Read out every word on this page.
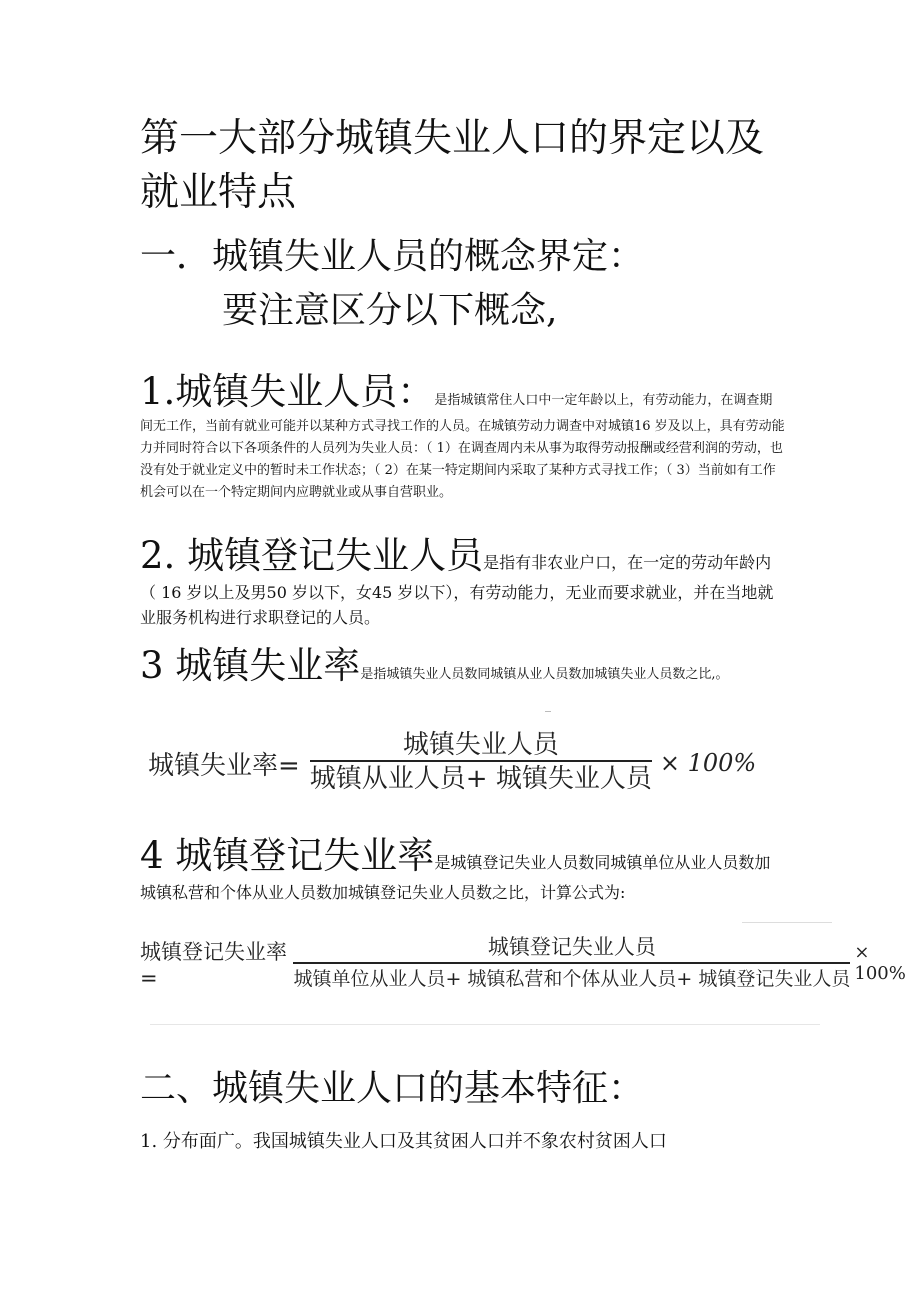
第一大部分城镇失业人口的界定以及就业特点
一．城镇失业人员的概念界定：
要注意区分以下概念,

1.城镇失业人员：是指城镇常住人口中一定年龄以上，有劳动能力，在调查期间无工作，当前有就业可能并以某种方式寻找工作的人员。在城镇劳动力调查中对城镇16 岁及以上，具有劳动能力并同时符合以下各项条件的人员列为失业人员：（ 1）在调查周内未从事为取得劳动报酬或经营利润的劳动，也没有处于就业定义中的暂时未工作状态；（ 2）在某一特定期间内采取了某种方式寻找工作；（ 3）当前如有工作机会可以在一个特定期间内应聘就业或从事自营职业。

2. 城镇登记失业人员是指有非农业户口，在一定的劳动年龄内（ 16 岁以上及男50 岁以下，女45 岁以下），有劳动能力，无业而要求就业，并在当地就业服务机构进行求职登记的人员。

3 城镇失业率是指城镇失业人员数同城镇从业人员数加城镇失业人员数之比,。

城镇失业率= $\frac{\text{城镇失业人员}}{\text{城镇从业人员+ 城镇失业人员}} \times 100\%$

4 城镇登记失业率是城镇登记失业人员数同城镇单位从业人员数加城镇私营和个体从业人员数加城镇登记失业人员数之比，计算公式为:

城镇登记失业率=	$\frac{\text{城镇登记失业人员}}{\text{城镇单位从业人员+ 城镇私营和个体从业人员+ 城镇登记失业人员}} \times 100\%$
二、城镇失业人口的基本特征：

1. 分布面广。我国城镇失业人口及其贫困人口并不象农村贫困人口
